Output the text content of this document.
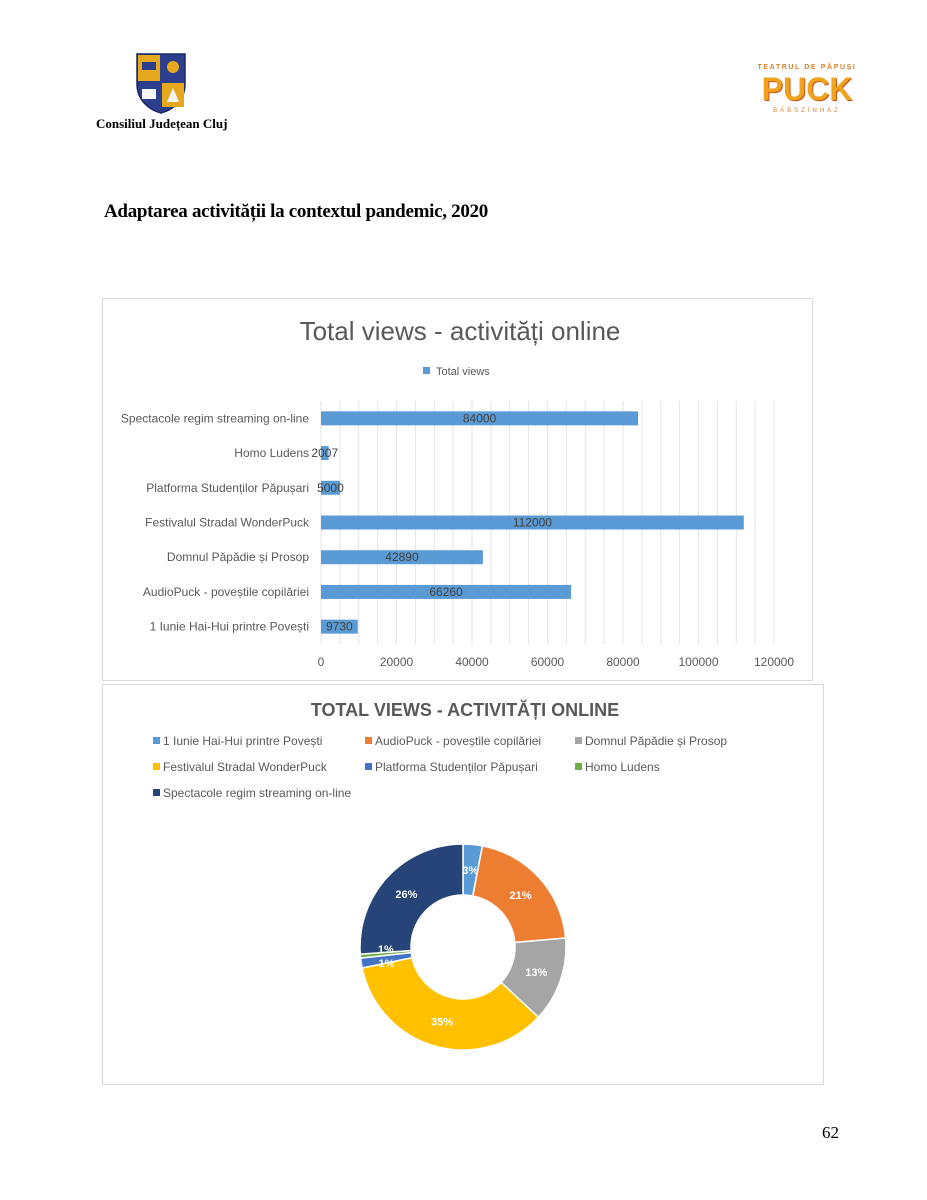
Consiliul Județean Cluj
TEATRUL DE PĂPUȘI
PUCK
BÁBSZÍNHÁZ
Adaptarea activității la contextul pandemic, 2020
Total views - activități online
Total views
84000
2007
5000
112000
42890
66260
9730
Spectacole regim streaming on-line
Homo Ludens
Platforma Studenților Păpușari
Festivalul Stradal WonderPuck
Domnul Păpădie și Prosop
AudioPuck - poveștile copilăriei
1 Iunie Hai-Hui printre Povești
0	20000	40000	60000	80000	100000	120000
TOTAL VIEWS - ACTIVITĂȚI ONLINE
1 Iunie Hai-Hui printre Povești	AudioPuck - poveștile copilăriei	Domnul Păpădie și Prosop
Festivalul Stradal WonderPuck	Platforma Studenților Păpușari	Homo Ludens
Spectacole regim streaming on-line
3%
21%
13%
35%
1%
1%
26%
62
